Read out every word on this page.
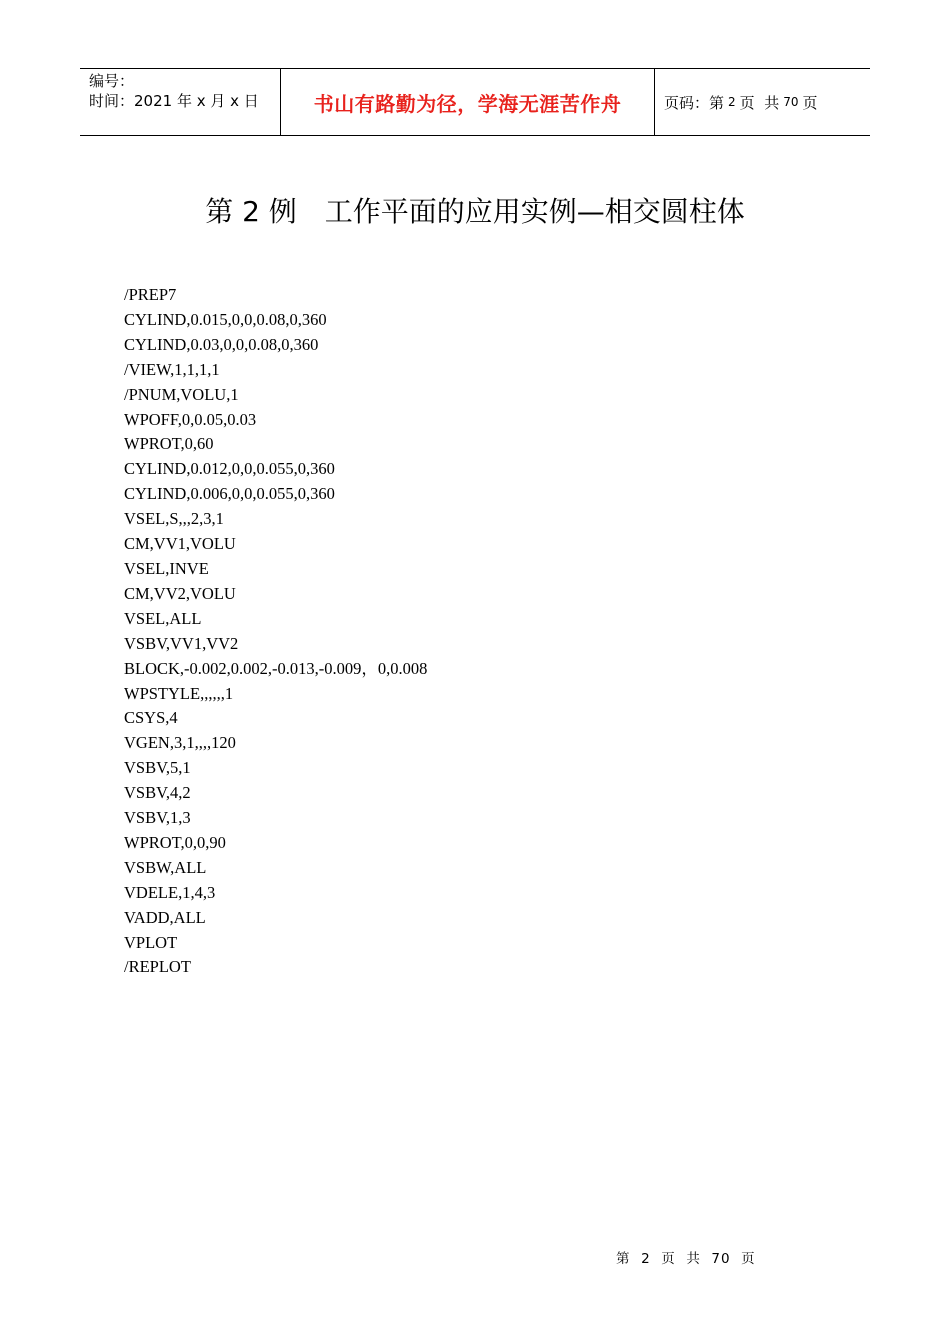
编号：
时间：2021 年 x 月 x 日	书山有路勤为径，学海无涯苦作舟	页码：第 2 页  共 70 页
第 2 例　工作平面的应用实例—相交圆柱体
/PREP7
CYLIND,0.015,0,0,0.08,0,360
CYLIND,0.03,0,0,0.08,0,360
/VIEW,1,1,1,1
/PNUM,VOLU,1
WPOFF,0,0.05,0.03
WPROT,0,60
CYLIND,0.012,0,0,0.055,0,360
CYLIND,0.006,0,0,0.055,0,360
VSEL,S,,,2,3,1
CM,VV1,VOLU
VSEL,INVE
CM,VV2,VOLU
VSEL,ALL
VSBV,VV1,VV2
BLOCK,-0.002,0.002,-0.013,-0.009，0,0.008
WPSTYLE,,,,,,1
CSYS,4
VGEN,3,1,,,,120
VSBV,5,1
VSBV,4,2
VSBV,1,3
WPROT,0,0,90
VSBW,ALL
VDELE,1,4,3
VADD,ALL
VPLOT
/REPLOT
第  2  页  共  70  页
